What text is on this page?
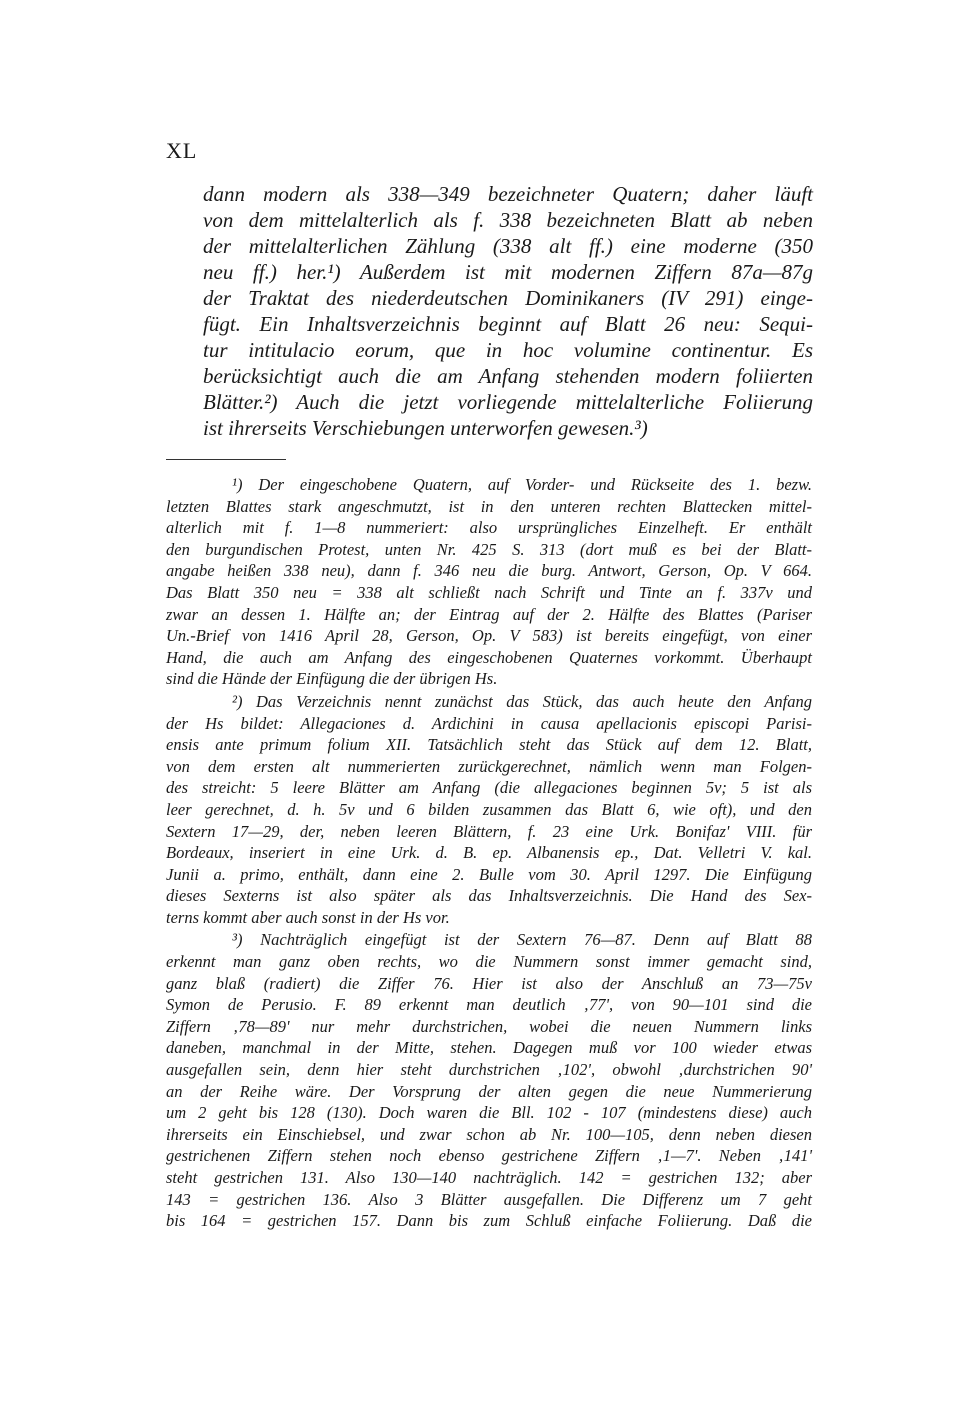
XL
dann modern als 338—349 bezeichneter Quatern; daher läuft
von dem mittelalterlich als f. 338 bezeichneten Blatt ab neben
der mittelalterlichen Zählung (338 alt ff.) eine moderne (350
neu ff.) her.¹) Außerdem ist mit modernen Ziffern 87a—87g
der Traktat des niederdeutschen Dominikaners (IV 291) einge-
fügt. Ein Inhaltsverzeichnis beginnt auf Blatt 26 neu: Sequi-
tur intitulacio eorum, que in hoc volumine continentur. Es
berücksichtigt auch die am Anfang stehenden modern foliierten
Blätter.²) Auch die jetzt vorliegende mittelalterliche Foliierung
ist ihrerseits Verschiebungen unterworfen gewesen.³)
¹) Der eingeschobene Quatern, auf Vorder- und Rückseite des 1. bezw.
letzten Blattes stark angeschmutzt, ist in den unteren rechten Blattecken mittel-
alterlich mit f. 1—8 nummeriert: also ursprüngliches Einzelheft. Er enthält
den burgundischen Protest, unten Nr. 425 S. 313 (dort muß es bei der Blatt-
angabe heißen 338 neu), dann f. 346 neu die burg. Antwort, Gerson, Op. V 664.
Das Blatt 350 neu = 338 alt schließt nach Schrift und Tinte an f. 337v und
zwar an dessen 1. Hälfte an; der Eintrag auf der 2. Hälfte des Blattes (Pariser
Un.-Brief von 1416 April 28, Gerson, Op. V 583) ist bereits eingefügt, von einer
Hand, die auch am Anfang des eingeschobenen Quaternes vorkommt. Überhaupt
sind die Hände der Einfügung die der übrigen Hs.
²) Das Verzeichnis nennt zunächst das Stück, das auch heute den Anfang
der Hs bildet: Allegaciones d. Ardichini in causa apellacionis episcopi Parisi-
ensis ante primum folium XII. Tatsächlich steht das Stück auf dem 12. Blatt,
von dem ersten alt nummerierten zurückgerechnet, nämlich wenn man Folgen-
des streicht: 5 leere Blätter am Anfang (die allegaciones beginnen 5v; 5 ist als
leer gerechnet, d. h. 5v und 6 bilden zusammen das Blatt 6, wie oft), und den
Sextern 17—29, der, neben leeren Blättern, f. 23 eine Urk. Bonifaz' VIII. für
Bordeaux, inseriert in eine Urk. d. B. ep. Albanensis ep., Dat. Velletri V. kal.
Junii a. primo, enthält, dann eine 2. Bulle vom 30. April 1297. Die Einfügung
dieses Sexterns ist also später als das Inhaltsverzeichnis. Die Hand des Sex-
terns kommt aber auch sonst in der Hs vor.
³) Nachträglich eingefügt ist der Sextern 76—87. Denn auf Blatt 88
erkennt man ganz oben rechts, wo die Nummern sonst immer gemacht sind,
ganz blaß (radiert) die Ziffer 76. Hier ist also der Anschluß an 73—75v
Symon de Perusio. F. 89 erkennt man deutlich ‚77', von 90—101 sind die
Ziffern ‚78—89' nur mehr durchstrichen, wobei die neuen Nummern links
daneben, manchmal in der Mitte, stehen. Dagegen muß vor 100 wieder etwas
ausgefallen sein, denn hier steht durchstrichen ‚102', obwohl ‚durchstrichen 90'
an der Reihe wäre. Der Vorsprung der alten gegen die neue Nummerierung
um 2 geht bis 128 (130). Doch waren die Bll. 102 - 107 (mindestens diese) auch
ihrerseits ein Einschiebsel, und zwar schon ab Nr. 100—105, denn neben diesen
gestrichenen Ziffern stehen noch ebenso gestrichene Ziffern ‚1—7'. Neben ‚141'
steht gestrichen 131. Also 130—140 nachträglich. 142 = gestrichen 132; aber
143 = gestrichen 136. Also 3 Blätter ausgefallen. Die Differenz um 7 geht
bis 164 = gestrichen 157. Dann bis zum Schluß einfache Foliierung. Daß die
